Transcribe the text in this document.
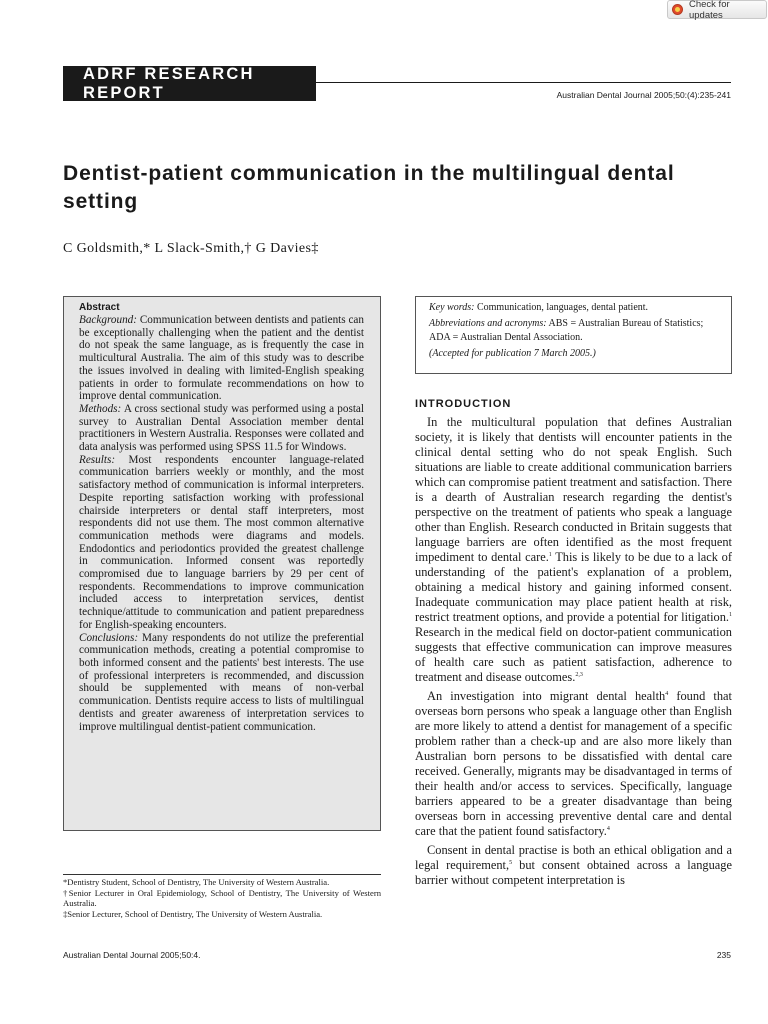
Check for updates
ADRF RESEARCH REPORT	Australian Dental Journal 2005;50:(4):235-241
Dentist-patient communication in the multilingual dental setting
C Goldsmith,* L Slack-Smith,† G Davies‡
Abstract

Background: Communication between dentists and patients can be exceptionally challenging when the patient and the dentist do not speak the same language, as is frequently the case in multicultural Australia. The aim of this study was to describe the issues involved in dealing with limited-English speaking patients in order to formulate recommendations on how to improve dental communication.

Methods: A cross sectional study was performed using a postal survey to Australian Dental Association member dental practitioners in Western Australia. Responses were collated and data analysis was performed using SPSS 11.5 for Windows.

Results: Most respondents encounter language-related communication barriers weekly or monthly, and the most satisfactory method of communication is informal interpreters. Despite reporting satisfaction working with professional chairside interpreters or dental staff interpreters, most respondents did not use them. The most common alternative communication methods were diagrams and models. Endodontics and periodontics provided the greatest challenge in communication. Informed consent was reportedly compromised due to language barriers by 29 per cent of respondents. Recommendations to improve communication included access to interpretation services, dentist technique/attitude to communication and patient preparedness for English-speaking encounters.

Conclusions: Many respondents do not utilize the preferential communication methods, creating a potential compromise to both informed consent and the patients' best interests. The use of professional interpreters is recommended, and discussion should be supplemented with means of non-verbal communication. Dentists require access to lists of multilingual dentists and greater awareness of interpretation services to improve multilingual dentist-patient communication.

*Dentistry Student, School of Dentistry, The University of Western Australia.

†Senior Lecturer in Oral Epidemiology, School of Dentistry, The University of Western Australia.

‡Senior Lecturer, School of Dentistry, The University of Western Australia.

Australian Dental Journal 2005;50:4.	235

Key words: Communication, languages, dental patient.

Abbreviations and acronyms: ABS = Australian Bureau of Statistics; ADA = Australian Dental Association.

(Accepted for publication 7 March 2005.)

INTRODUCTION

In the multicultural population that defines Australian society, it is likely that dentists will encounter patients in the clinical dental setting who do not speak English. Such situations are liable to create additional communication barriers which can compromise patient treatment and satisfaction. There is a dearth of Australian research regarding the dentist's perspective on the treatment of patients who speak a language other than English. Research conducted in Britain suggests that language barriers are often identified as the most frequent impediment to dental care.$^1$ This is likely to be due to a lack of understanding of the patient's explanation of a problem, obtaining a medical history and gaining informed consent. Inadequate communication may place patient health at risk, restrict treatment options, and provide a potential for litigation.$^1$ Research in the medical field on doctor-patient communication suggests that effective communication can improve measures of health care such as patient satisfaction, adherence to treatment and disease outcomes.$^{2,3}$

An investigation into migrant dental health$^4$ found that overseas born persons who speak a language other than English are more likely to attend a dentist for management of a specific problem rather than a check-up and are also more likely than Australian born persons to be dissatisfied with dental care received. Generally, migrants may be disadvantaged in terms of their health and/or access to services. Specifically, language barriers appeared to be a greater disadvantage than being overseas born in accessing preventive dental care and dental care that the patient found satisfactory.$^4$

Consent in dental practise is both an ethical obligation and a legal requirement,$^5$ but consent obtained across a language barrier without competent interpretation is
